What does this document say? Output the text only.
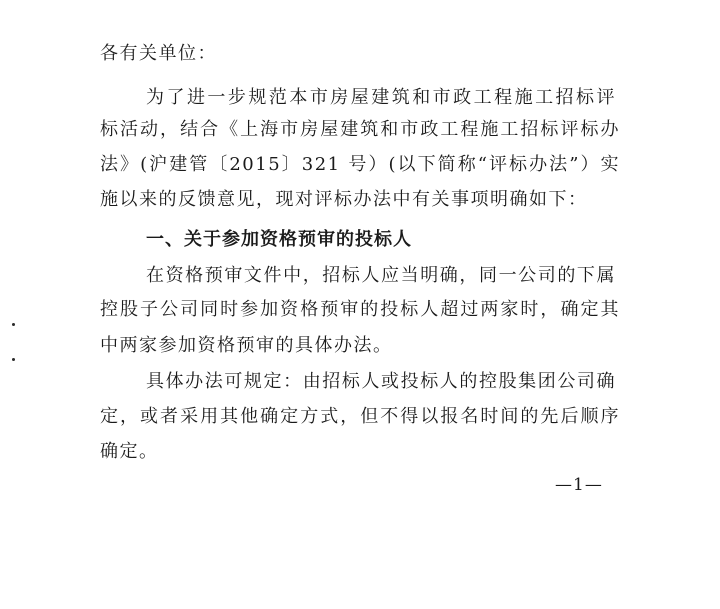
各有关单位：
为了进一步规范本市房屋建筑和市政工程施工招标评
标活动，结合《上海市房屋建筑和市政工程施工招标评标办
法》(沪建管〔2015〕321 号）(以下简称“评标办法”）实
施以来的反馈意见，现对评标办法中有关事项明确如下：
一、关于参加资格预审的投标人
在资格预审文件中，招标人应当明确，同一公司的下属
控股子公司同时参加资格预审的投标人超过两家时，确定其
中两家参加资格预审的具体办法。
具体办法可规定：由招标人或投标人的控股集团公司确
定，或者采用其他确定方式，但不得以报名时间的先后顺序
确定。
—1—
